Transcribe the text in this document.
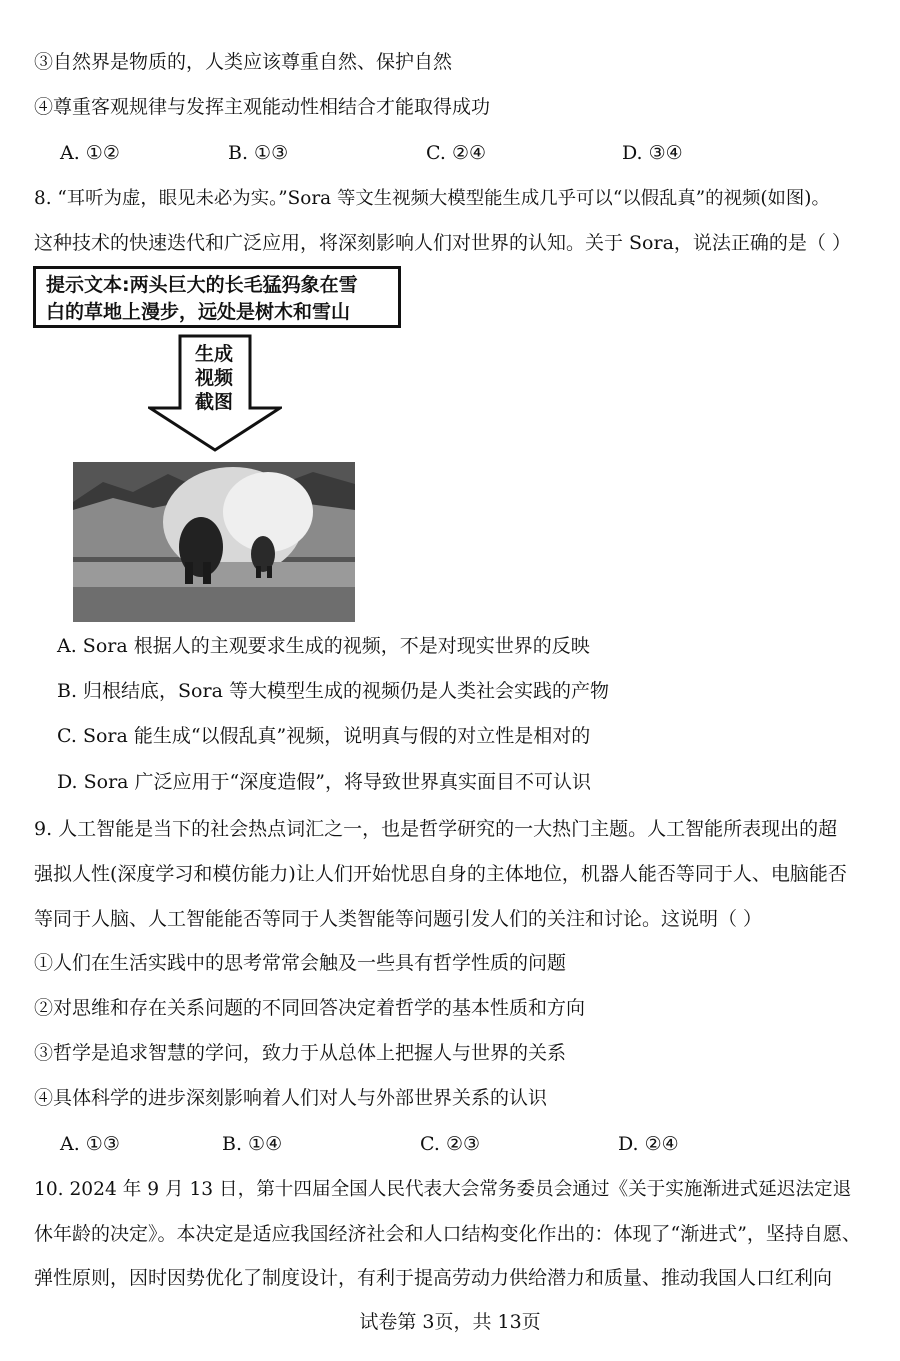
③自然界是物质的，人类应该尊重自然、保护自然
④尊重客观规律与发挥主观能动性相结合才能取得成功
A. ①②	B. ①③	C. ②④	D. ③④
8. “耳听为虚，眼见未必为实。”Sora 等文生视频大模型能生成几乎可以“以假乱真”的视频(如图)。
这种技术的快速迭代和广泛应用，将深刻影响人们对世界的认知。关于 Sora，说法正确的是（ ）
提示文本:两头巨大的长毛猛犸象在雪
白的草地上漫步，远处是树木和雪山
生成
视频
截图
A. Sora 根据人的主观要求生成的视频，不是对现实世界的反映
B. 归根结底，Sora 等大模型生成的视频仍是人类社会实践的产物
C. Sora 能生成“以假乱真”视频，说明真与假的对立性是相对的
D. Sora 广泛应用于“深度造假”，将导致世界真实面目不可认识
9. 人工智能是当下的社会热点词汇之一，也是哲学研究的一大热门主题。人工智能所表现出的超
强拟人性(深度学习和模仿能力)让人们开始忧思自身的主体地位，机器人能否等同于人、电脑能否
等同于人脑、人工智能能否等同于人类智能等问题引发人们的关注和讨论。这说明（ ）
①人们在生活实践中的思考常常会触及一些具有哲学性质的问题
②对思维和存在关系问题的不同回答决定着哲学的基本性质和方向
③哲学是追求智慧的学问，致力于从总体上把握人与世界的关系
④具体科学的进步深刻影响着人们对人与外部世界关系的认识
A. ①③	B. ①④	C. ②③	D. ②④
10. 2024 年 9 月 13 日，第十四届全国人民代表大会常务委员会通过《关于实施渐进式延迟法定退
休年龄的决定》。本决定是适应我国经济社会和人口结构变化作出的：体现了“渐进式”，坚持自愿、
弹性原则，因时因势优化了制度设计，有利于提高劳动力供给潜力和质量、推动我国人口红利向
试卷第 3页，共 13页
